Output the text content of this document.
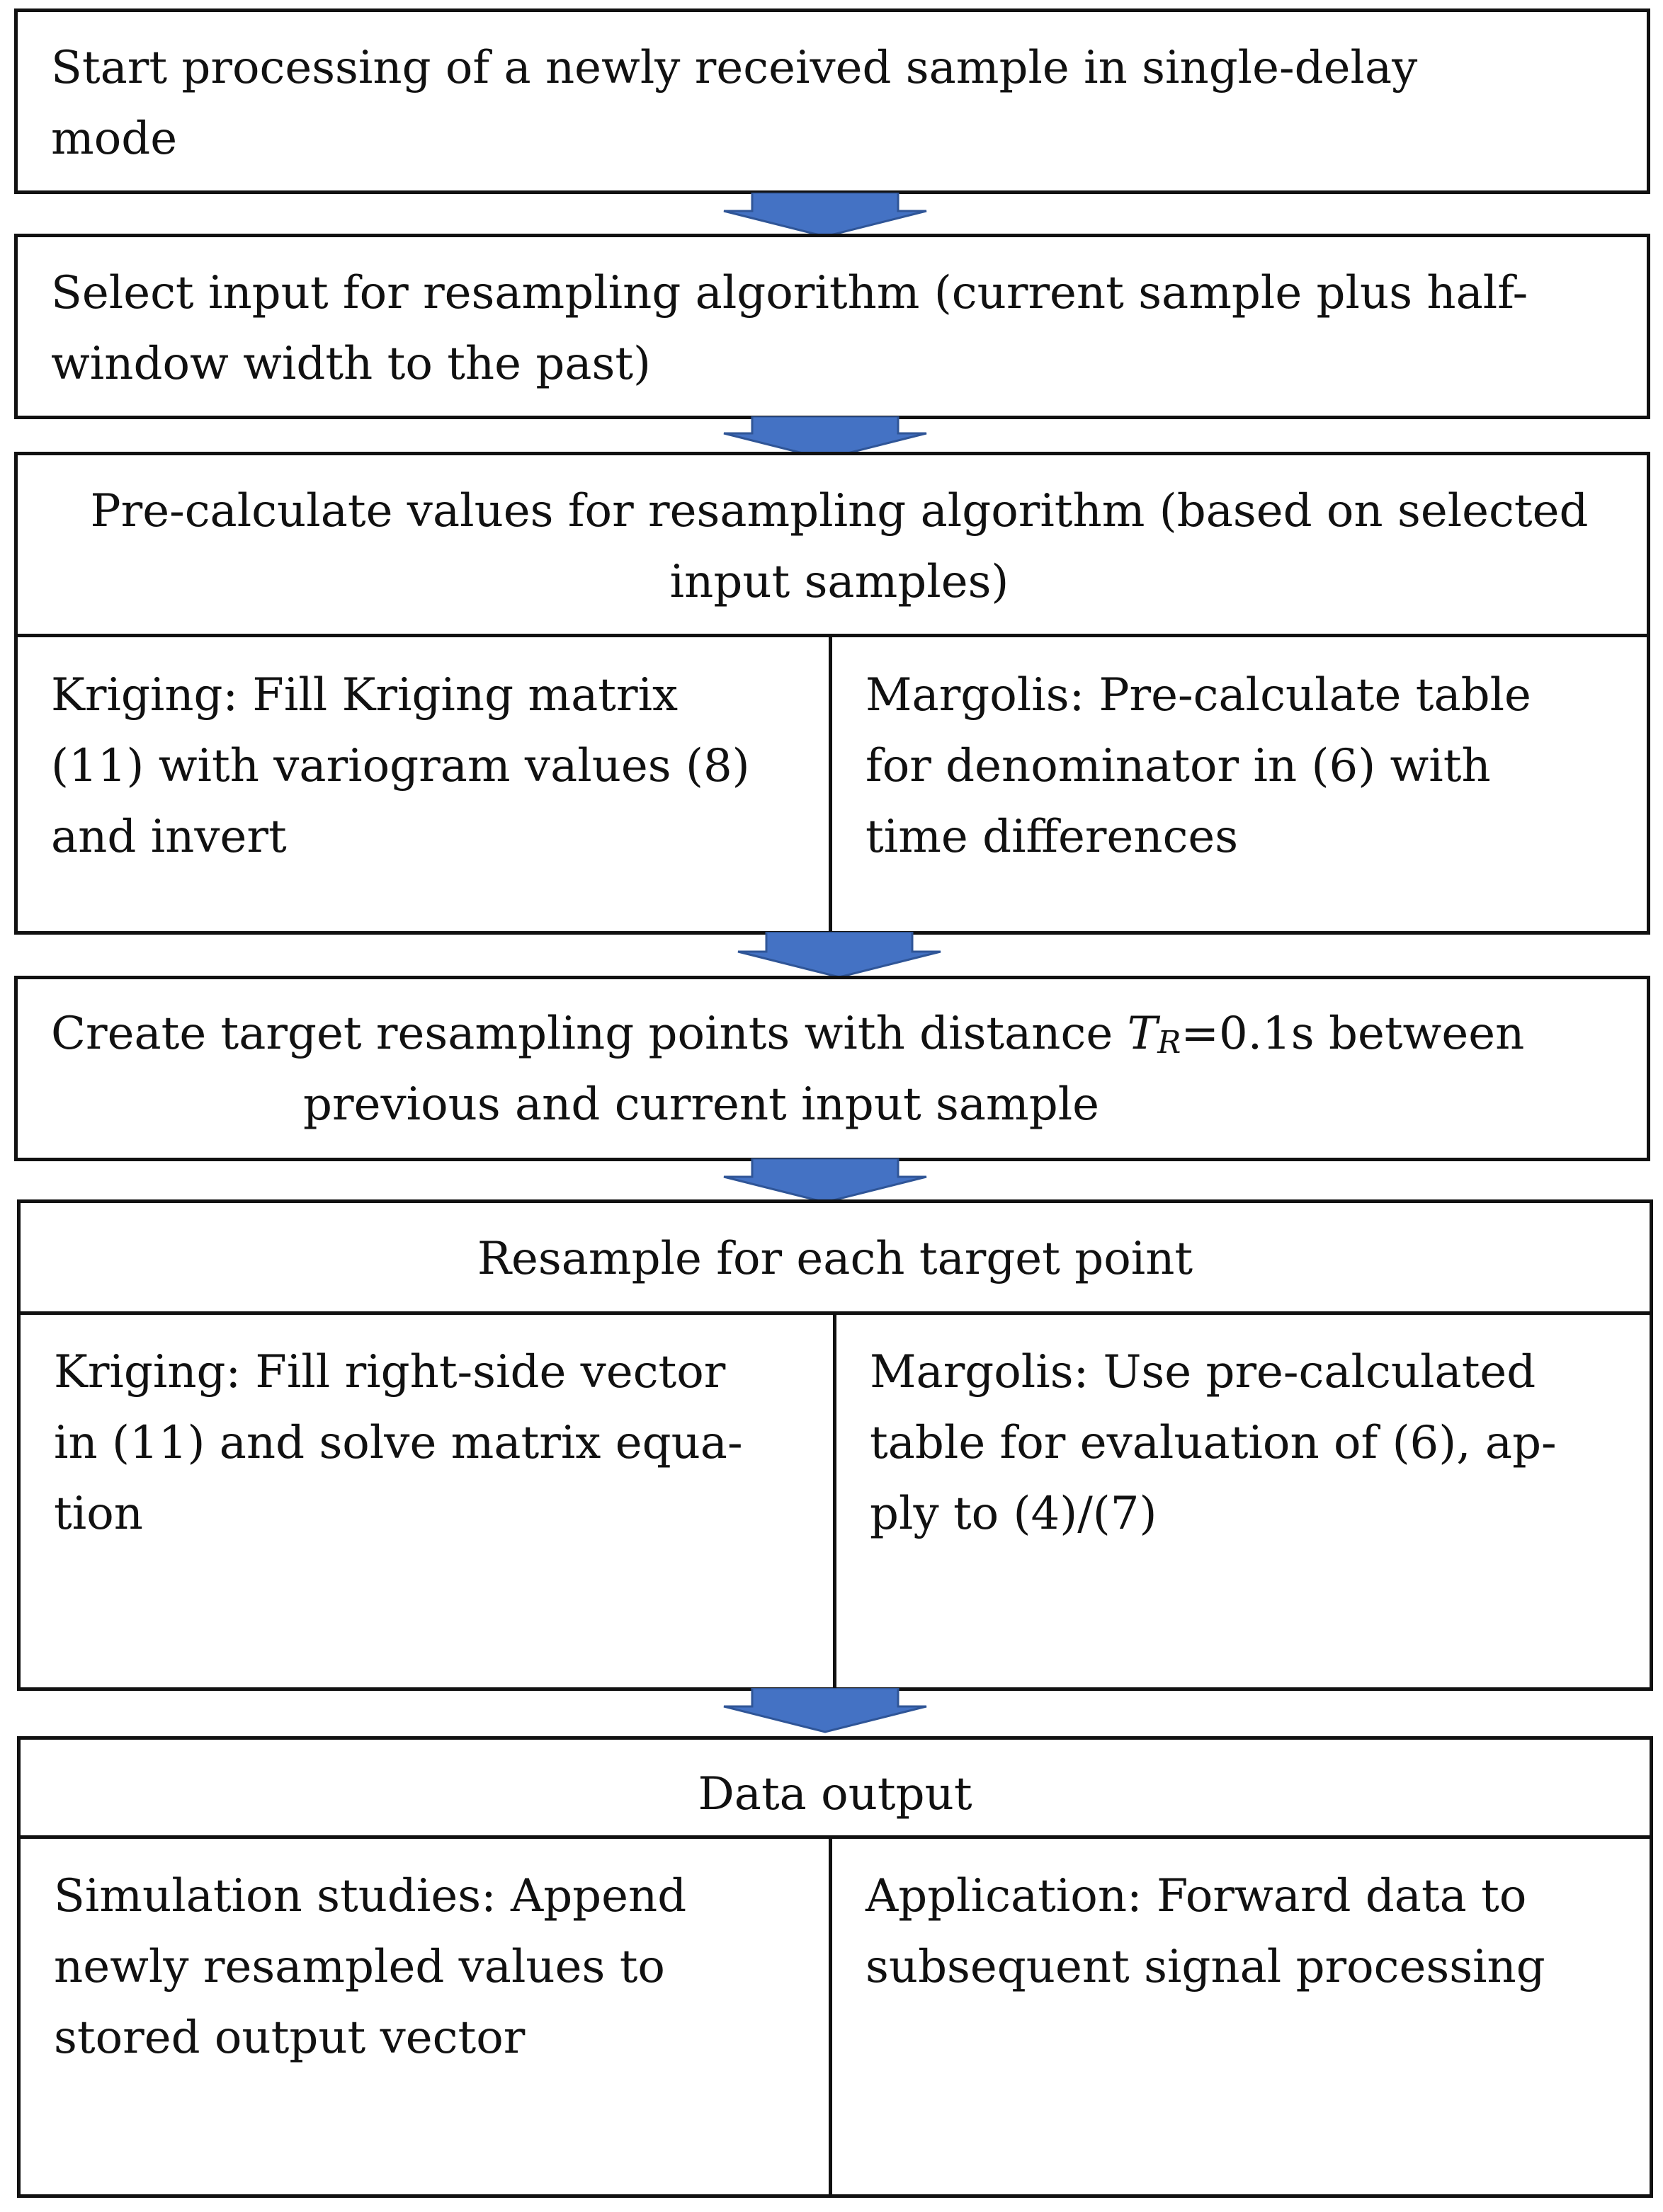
Start processing of a newly received sample in single-delay
mode
Select input for resampling algorithm (current sample plus half-
window width to the past)
Pre-calculate values for resampling algorithm (based on selected
input samples)
Kriging: Fill Kriging matrix
(11) with variogram values (8)
and invert
Margolis: Pre-calculate table
for denominator in (6) with
time differences
Create target resampling points with distance $T_R=0.1s$ between
previous and current input sample
Resample for each target point
Kriging: Fill right-side vector
in (11) and solve matrix equa-
tion
Margolis: Use pre-calculated
table for evaluation of (6), ap-
ply to (4)/(7)
Data output
Simulation studies: Append
newly resampled values to
stored output vector
Application: Forward data to
subsequent signal processing
